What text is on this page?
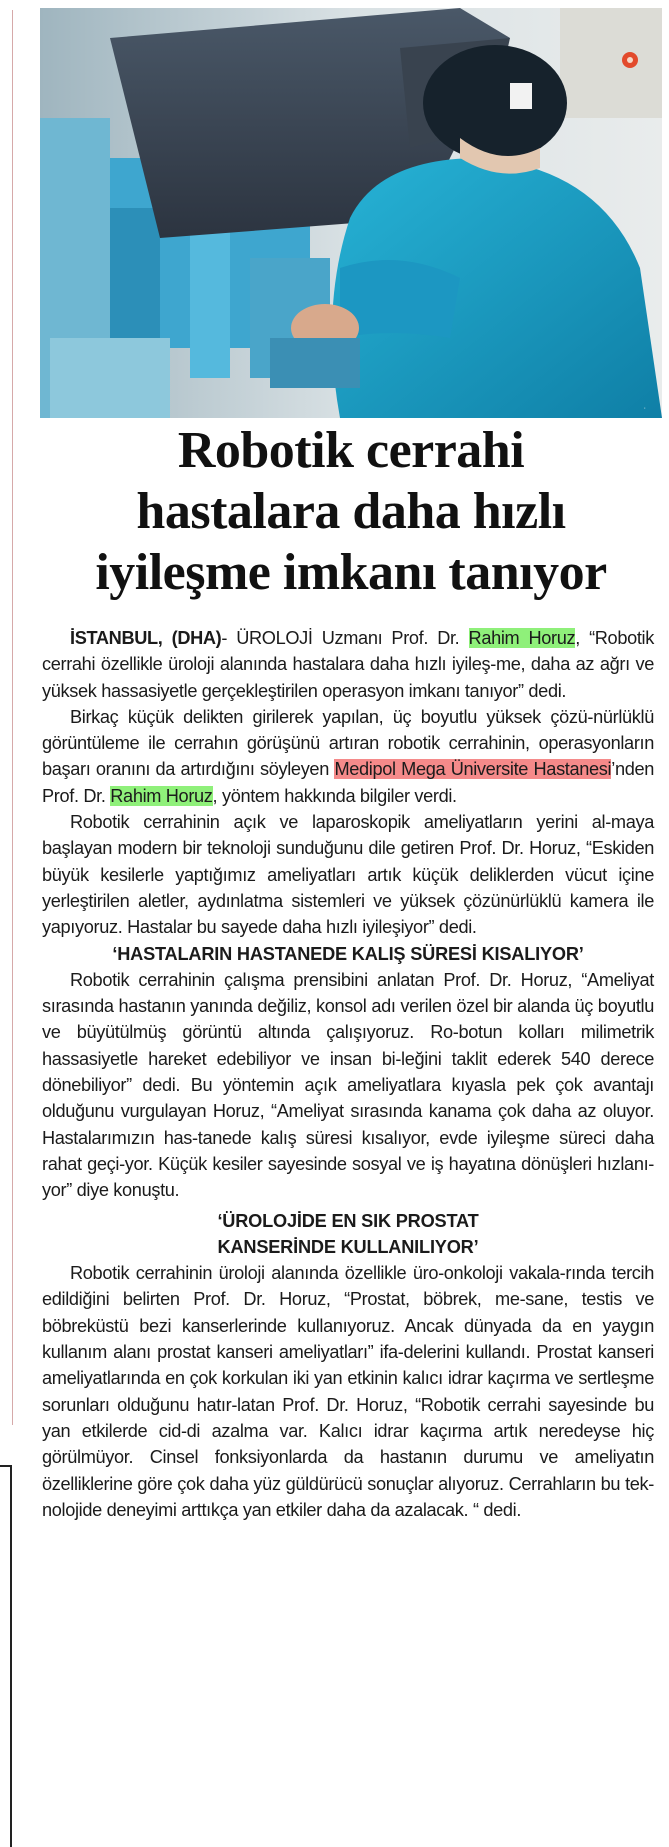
·
Robotik cerrahi
hastalara daha hızlı
iyileşme imkanı tanıyor

İSTANBUL, (DHA)- ÜROLOJİ Uzmanı Prof. Dr. Rahim Horuz, “Robotik cerrahi özellikle üroloji alanında hastalara daha hızlı iyileş-me, daha az ağrı ve yüksek hassasiyetle gerçekleştirilen operasyon imkanı tanıyor” dedi.

Birkaç küçük delikten girilerek yapılan, üç boyutlu yüksek çözü-nürlüklü görüntüleme ile cerrahın görüşünü artıran robotik cerrahinin, operasyonların başarı oranını da artırdığını söyleyen Medipol Mega Üniversite Hastanesi’nden Prof. Dr. Rahim Horuz, yöntem hakkında bilgiler verdi.

Robotik cerrahinin açık ve laparoskopik ameliyatların yerini al-maya başlayan modern bir teknoloji sunduğunu dile getiren Prof. Dr. Horuz, “Eskiden büyük kesilerle yaptığımız ameliyatları artık küçük deliklerden vücut içine yerleştirilen aletler, aydınlatma sistemleri ve yüksek çözünürlüklü kamera ile yapıyoruz. Hastalar bu sayede daha hızlı iyileşiyor” dedi.

‘HASTALARIN HASTANEDE KALIŞ SÜRESİ KISALIYOR’

Robotik cerrahinin çalışma prensibini anlatan Prof. Dr. Horuz, “Ameliyat sırasında hastanın yanında değiliz, konsol adı verilen özel bir alanda üç boyutlu ve büyütülmüş görüntü altında çalışıyoruz. Ro-botun kolları milimetrik hassasiyetle hareket edebiliyor ve insan bi-leğini taklit ederek 540 derece dönebiliyor” dedi. Bu yöntemin açık ameliyatlara kıyasla pek çok avantajı olduğunu vurgulayan Horuz, “Ameliyat sırasında kanama çok daha az oluyor. Hastalarımızın has-tanede kalış süresi kısalıyor, evde iyileşme süreci daha rahat geçi-yor. Küçük kesiler sayesinde sosyal ve iş hayatına dönüşleri hızlanı-yor” diye konuştu.

‘ÜROLOJİDE EN SIK PROSTAT
KANSERİNDE KULLANILIYOR’

Robotik cerrahinin üroloji alanında özellikle üro-onkoloji vakala-rında tercih edildiğini belirten Prof. Dr. Horuz, “Prostat, böbrek, me-sane, testis ve böbreküstü bezi kanserlerinde kullanıyoruz. Ancak dünyada da en yaygın kullanım alanı prostat kanseri ameliyatları” ifa-delerini kullandı. Prostat kanseri ameliyatlarında en çok korkulan iki yan etkinin kalıcı idrar kaçırma ve sertleşme sorunları olduğunu hatır-latan Prof. Dr. Horuz, “Robotik cerrahi sayesinde bu yan etkilerde cid-di azalma var. Kalıcı idrar kaçırma artık neredeyse hiç görülmüyor. Cinsel fonksiyonlarda da hastanın durumu ve ameliyatın özelliklerine göre çok daha yüz güldürücü sonuçlar alıyoruz. Cerrahların bu tek-nolojide deneyimi arttıkça yan etkiler daha da azalacak. “ dedi.
